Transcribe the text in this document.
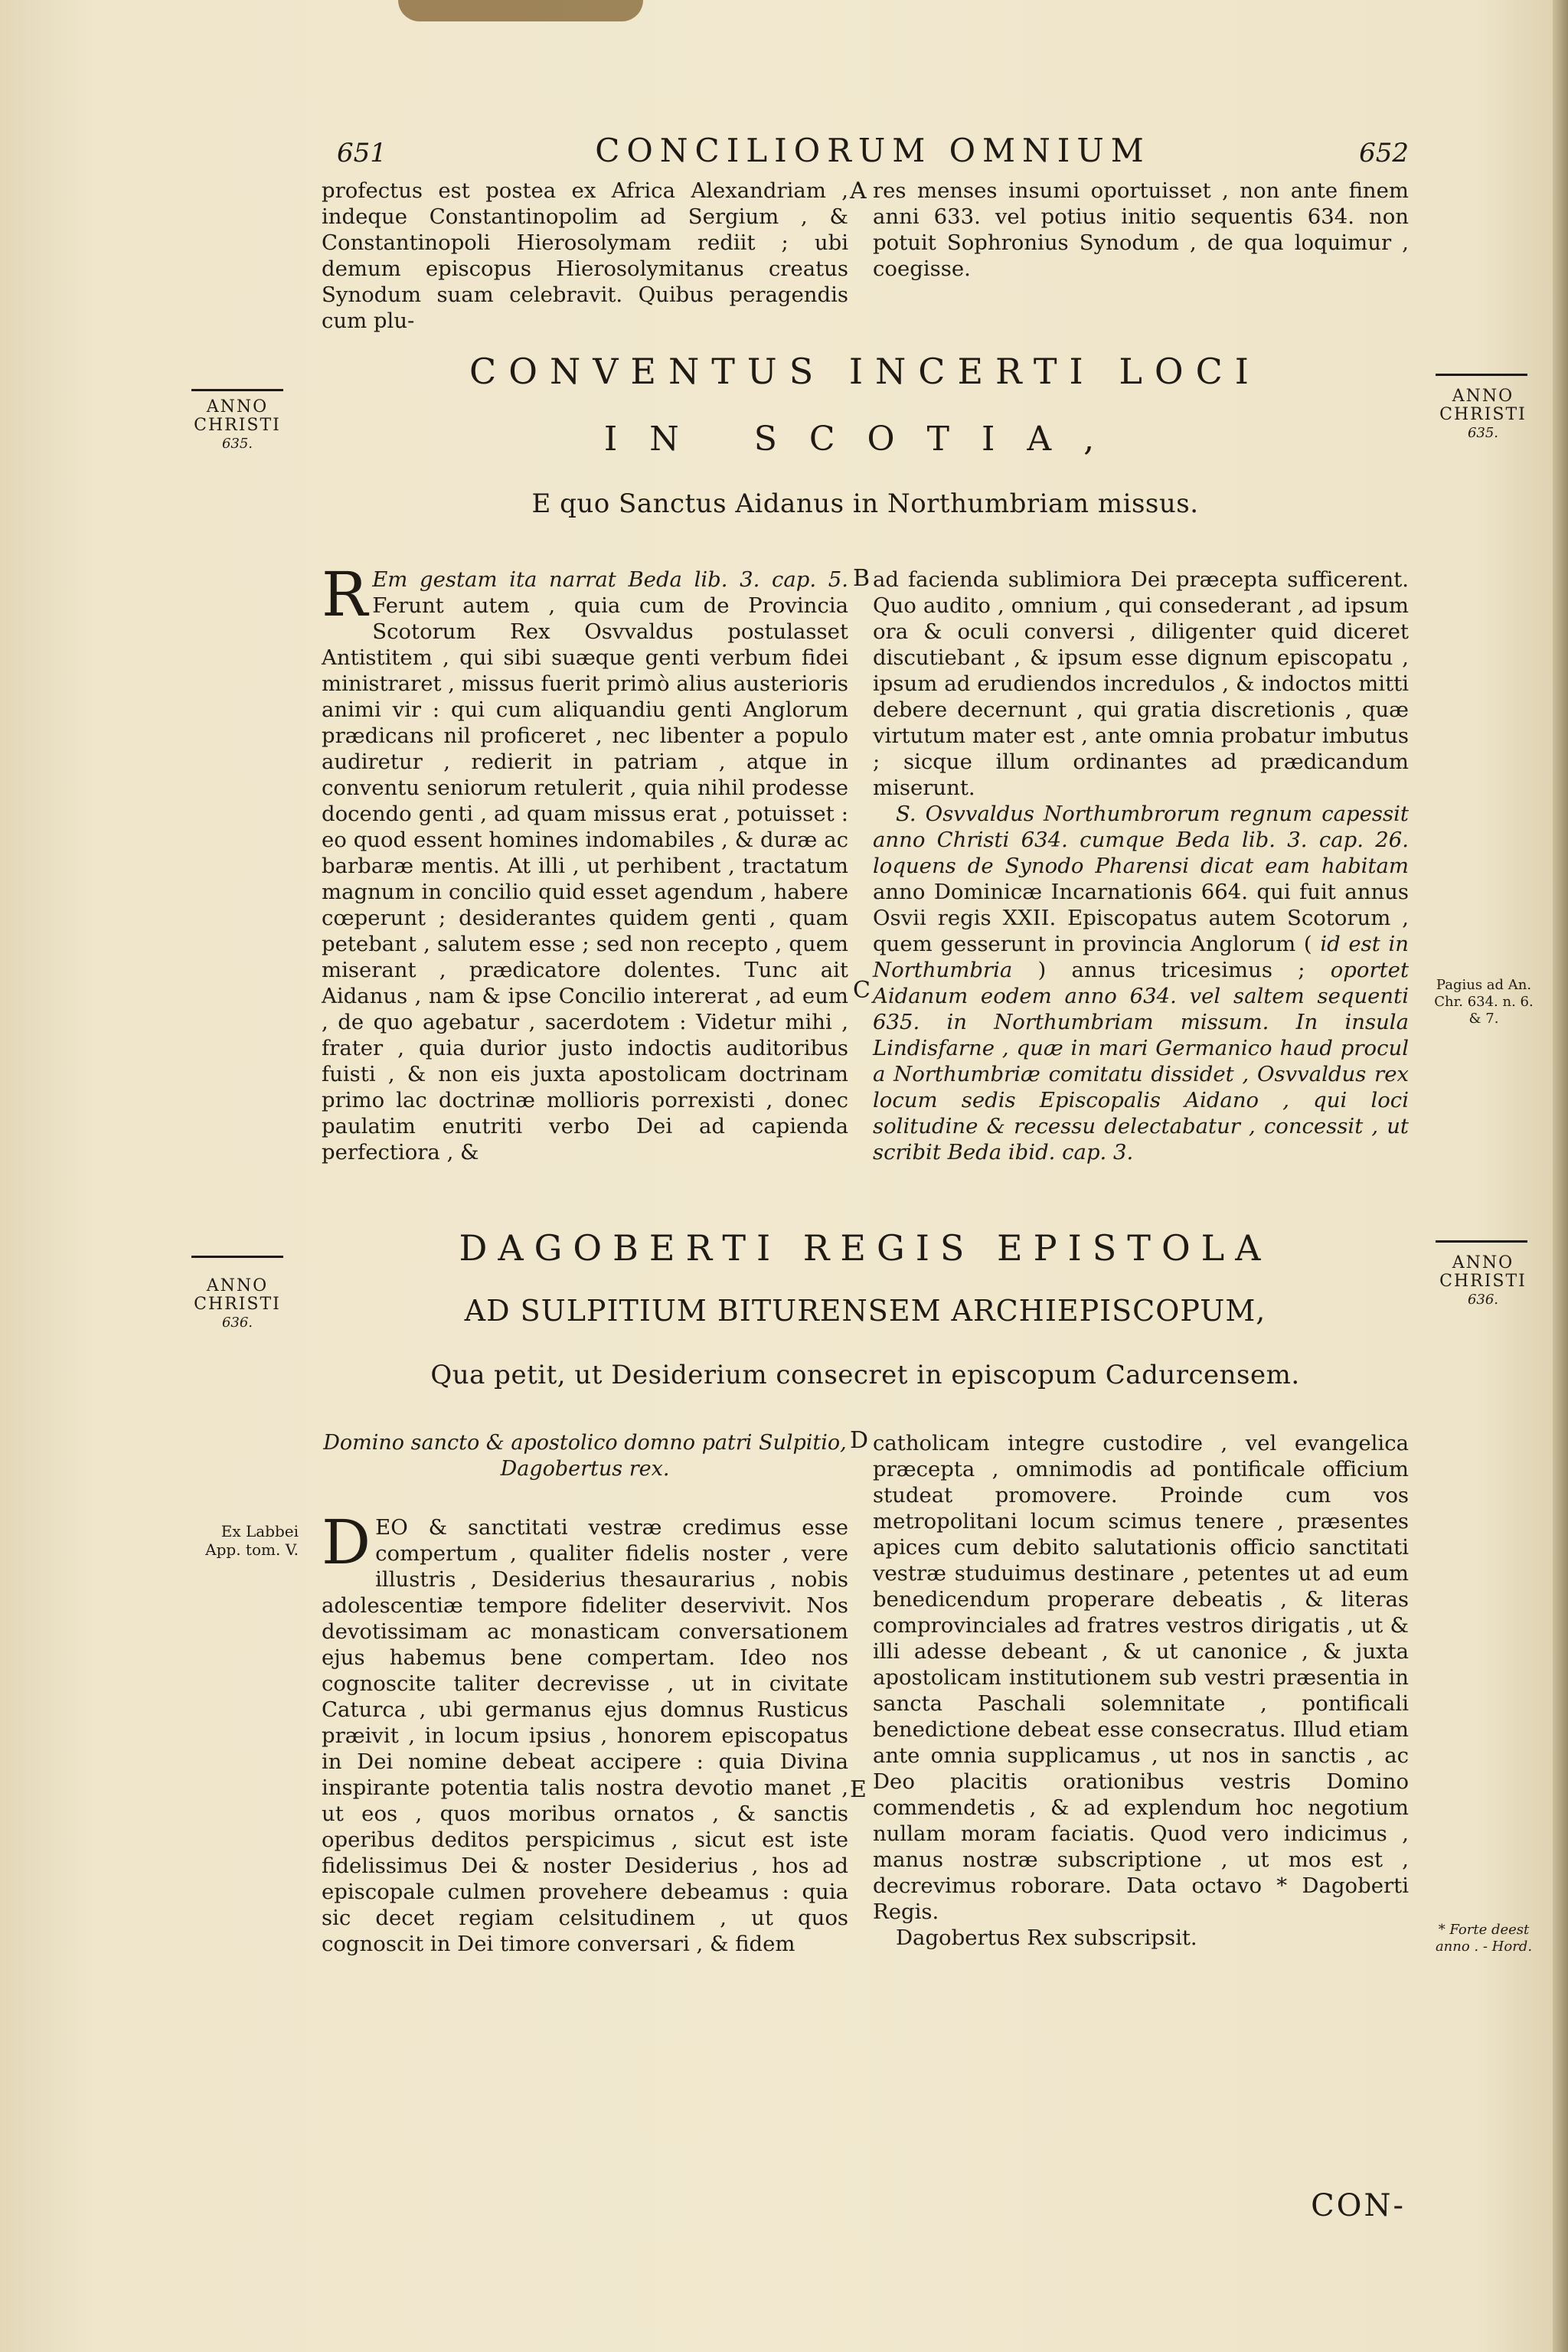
651	CONCILIORUM OMNIUM	652

profectus est postea ex Africa Alexandriam , indeque Constantinopolim ad Sergium , & Constantinopoli Hierosolymam rediit ; ubi demum episcopus Hierosolymitanus creatus Synodum suam celebravit. Quibus peragendis cum plu-

A res menses insumi oportuisset , non ante finem anni 633. vel potius initio sequentis 634. non potuit Sophronius Synodum , de qua loquimur , coegisse.

ANNO CHRISTI
635.
ANNO CHRISTI
635.
CONVENTUS INCERTI LOCI
IN SCOTIA,
E quo Sanctus Aidanus in Northumbriam missus.
R Em gestam ita narrat Beda lib. 3. cap. 5. Ferunt autem , quia cum de Provincia Scotorum Rex Osvvaldus postulasset Antistitem , qui sibi suæque genti verbum fidei ministraret , missus fuerit primò alius austerioris animi vir : qui cum aliquandiu genti Anglorum prædicans nil proficeret , nec libenter a populo audiretur , redierit in patriam , atque in conventu seniorum retulerit , quia nihil prodesse docendo genti , ad quam missus erat , potuisset : eo quod essent homines indomabiles , & duræ ac barbaræ mentis. At illi , ut perhibent , tractatum magnum in concilio quid esset agendum , habere cœperunt ; desiderantes quidem genti , quam petebant , salutem esse ; sed non recepto , quem miserant , prædicatore dolentes. Tunc ait Aidanus , nam & ipse Concilio intererat , ad eum , de quo agebatur , sacerdotem : Videtur mihi , frater , quia durior justo indoctis auditoribus fuisti , & non eis juxta apostolicam doctrinam primo lac doctrinæ mollioris porrexisti , donec paulatim enutriti verbo Dei ad capienda perfectiora , &
B
C

ad facienda sublimiora Dei præcepta sufficerent. Quo audito , omnium , qui consederant , ad ipsum ora & oculi conversi , diligenter quid diceret discutiebant , & ipsum esse dignum episcopatu , ipsum ad erudiendos incredulos , & indoctos mitti debere decernunt , qui gratia discretionis , quæ virtutum mater est , ante omnia probatur imbutus ; sicque illum ordinantes ad prædicandum miserunt.

S. Osvvaldus Northumbrorum regnum capessit anno Christi 634. cumque Beda lib. 3. cap. 26. loquens de Synodo Pharensi dicat eam habitam anno Dominicæ Incarnationis 664. qui fuit annus Osvii regis XXII. Episcopatus autem Scotorum , quem gesserunt in provincia Anglorum ( id est in Northumbria ) annus tricesimus ; oportet Aidanum eodem anno 634. vel saltem sequenti 635. in Northumbriam missum. In insula Lindisfarne , quæ in mari Germanico haud procul a Northumbriæ comitatu dissidet , Osvvaldus rex locum sedis Episcopalis Aidano , qui loci solitudine & recessu delectabatur , concessit , ut scribit Beda ibid. cap. 3.

Pagius ad An. Chr. 634. n. 6. & 7.
ANNO CHRISTI
636.
ANNO CHRISTI
636.
DAGOBERTI REGIS EPISTOLA
AD SULPITIUM BITURENSEM ARCHIEPISCOPUM,
Qua petit, ut Desiderium consecret in episcopum Cadurcensem.
Domino sancto & apostolico domno patri Sulpitio, Dagobertus rex.
Ex Labbei App. tom. V. D EO & sanctitati vestræ credimus esse compertum , qualiter fidelis noster , vere illustris , Desiderius thesaurarius , nobis adolescentiæ tempore fideliter deservivit. Nos devotissimam ac monasticam conversationem ejus habemus bene compertam. Ideo nos cognoscite taliter decrevisse , ut in civitate Caturca , ubi germanus ejus domnus Rusticus præivit , in locum ipsius , honorem episcopatus in Dei nomine debeat accipere : quia Divina inspirante potentia talis nostra devotio manet , ut eos , quos moribus ornatos , & sanctis operibus deditos perspicimus , sicut est iste fidelissimus Dei & noster Desiderius , hos ad episcopale culmen provehere debeamus : quia sic decet regiam celsitudinem , ut quos cognoscit in Dei timore conversari , & fidem
D
E

catholicam integre custodire , vel evangelica præcepta , omnimodis ad pontificale officium studeat promovere. Proinde cum vos metropolitani locum scimus tenere , præsentes apices cum debito salutationis officio sanctitati vestræ studuimus destinare , petentes ut ad eum benedicendum properare debeatis , & literas comprovinciales ad fratres vestros dirigatis , ut & illi adesse debeant , & ut canonice , & juxta apostolicam institutionem sub vestri præsentia in sancta Paschali solemnitate , pontificali benedictione debeat esse consecratus. Illud etiam ante omnia supplicamus , ut nos in sanctis , ac Deo placitis orationibus vestris Domino commendetis , & ad explendum hoc negotium nullam moram faciatis. Quod vero indicimus , manus nostræ subscriptione , ut mos est , decrevimus roborare. Data octavo * Dagoberti Regis.

Dagobertus Rex subscripsit.	* Forte deest anno . - Hord.
CON-
